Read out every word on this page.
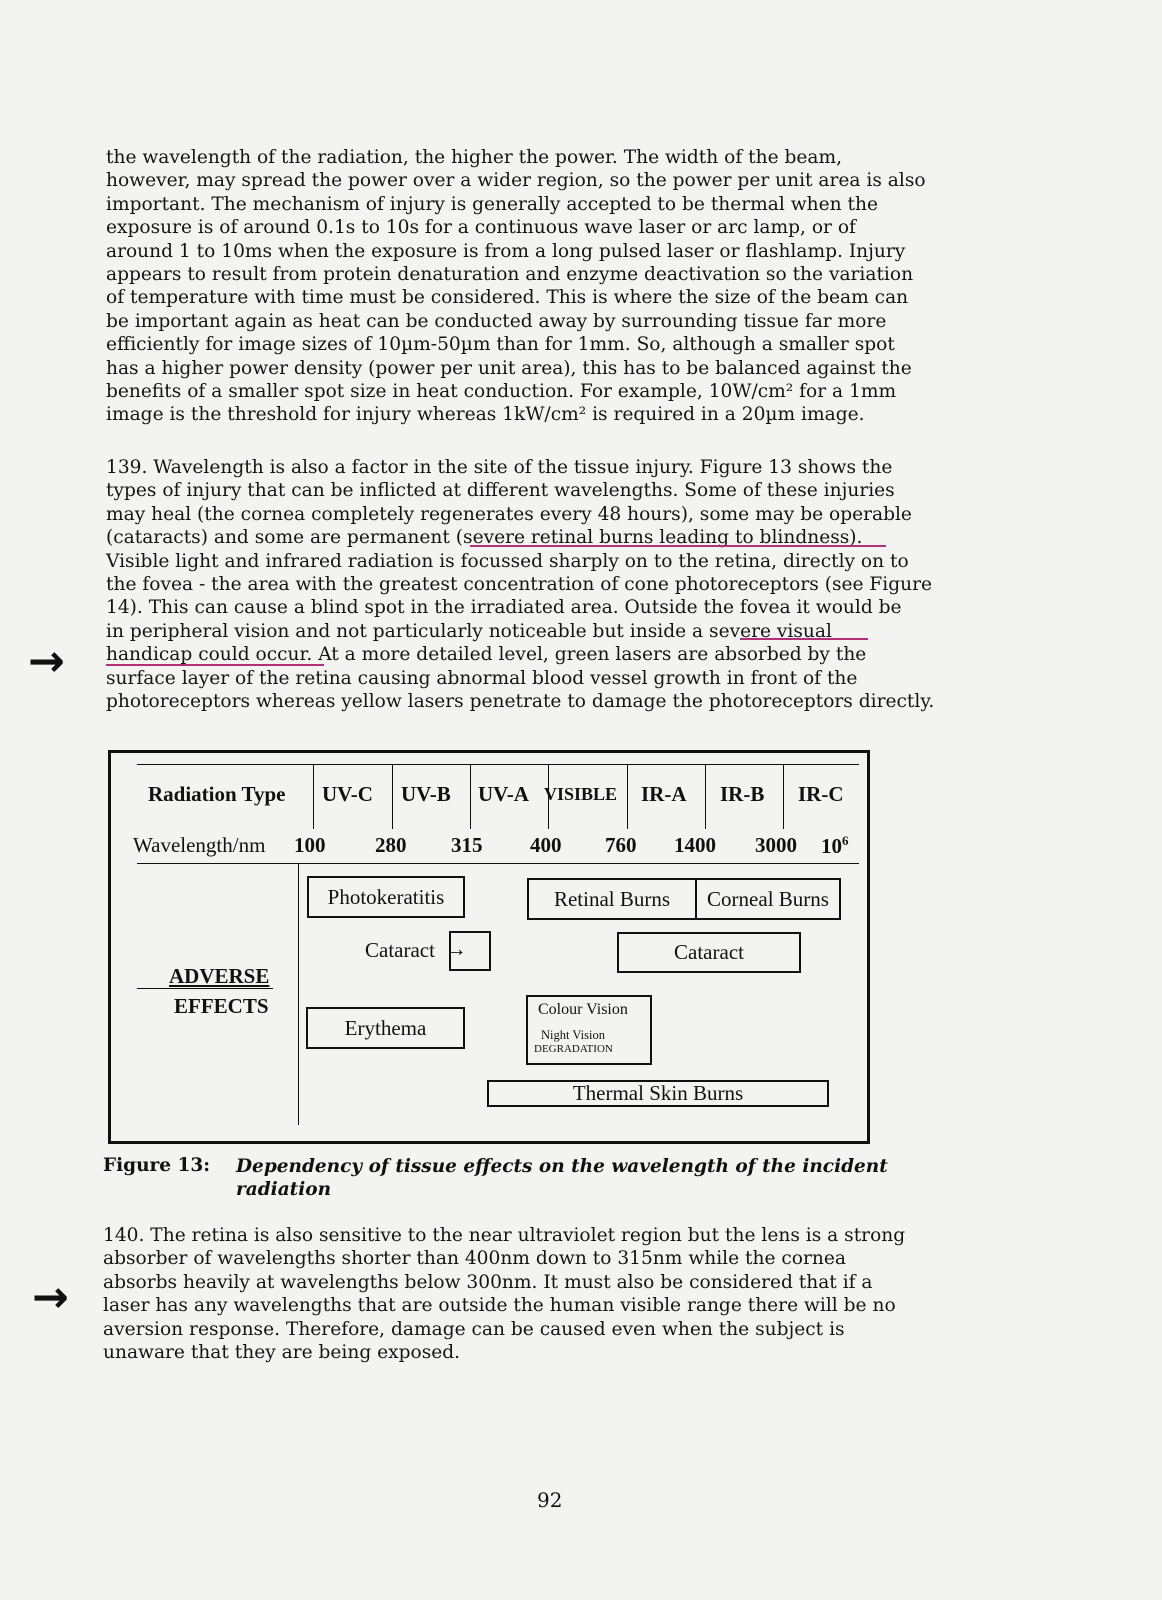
the wavelength of the radiation, the higher the power. The width of the beam,
however, may spread the power over a wider region, so the power per unit area is also
important. The mechanism of injury is generally accepted to be thermal when the
exposure is of around 0.1s to 10s for a continuous wave laser or arc lamp, or of
around 1 to 10ms when the exposure is from a long pulsed laser or flashlamp. Injury
appears to result from protein denaturation and enzyme deactivation so the variation
of temperature with time must be considered. This is where the size of the beam can
be important again as heat can be conducted away by surrounding tissue far more
efficiently for image sizes of 10µm-50µm than for 1mm. So, although a smaller spot
has a higher power density (power per unit area), this has to be balanced against the
benefits of a smaller spot size in heat conduction. For example, 10W/cm² for a 1mm
image is the threshold for injury whereas 1kW/cm² is required in a 20µm image.
139. Wavelength is also a factor in the site of the tissue injury. Figure 13 shows the
types of injury that can be inflicted at different wavelengths. Some of these injuries
may heal (the cornea completely regenerates every 48 hours), some may be operable
(cataracts) and some are permanent (severe retinal burns leading to blindness).
Visible light and infrared radiation is focussed sharply on to the retina, directly on to
the fovea - the area with the greatest concentration of cone photoreceptors (see Figure
14). This can cause a blind spot in the irradiated area. Outside the fovea it would be
in peripheral vision and not particularly noticeable but inside a severe visual
handicap could occur. At a more detailed level, green lasers are absorbed by the
surface layer of the retina causing abnormal blood vessel growth in front of the
photoreceptors whereas yellow lasers penetrate to damage the photoreceptors directly.
→
Radiation Type UV-C UV-B UV-A VISIBLE IR-A IR-B IR-C
Wavelength/nm 100 280 315 400 760 1400 3000 $10^6$
ADVERSE
EFFECTS
Photokeratitis	Retinal Burns	Corneal Burns
Cataract →	Cataract
Erythema
Colour Vision
Night Vision
DEGRADATION
Thermal Skin Burns
Figure 13: Dependency of tissue effects on the wavelength of the incident
radiation
140. The retina is also sensitive to the near ultraviolet region but the lens is a strong
absorber of wavelengths shorter than 400nm down to 315nm while the cornea
absorbs heavily at wavelengths below 300nm. It must also be considered that if a
laser has any wavelengths that are outside the human visible range there will be no
aversion response. Therefore, damage can be caused even when the subject is
unaware that they are being exposed.
→
92
